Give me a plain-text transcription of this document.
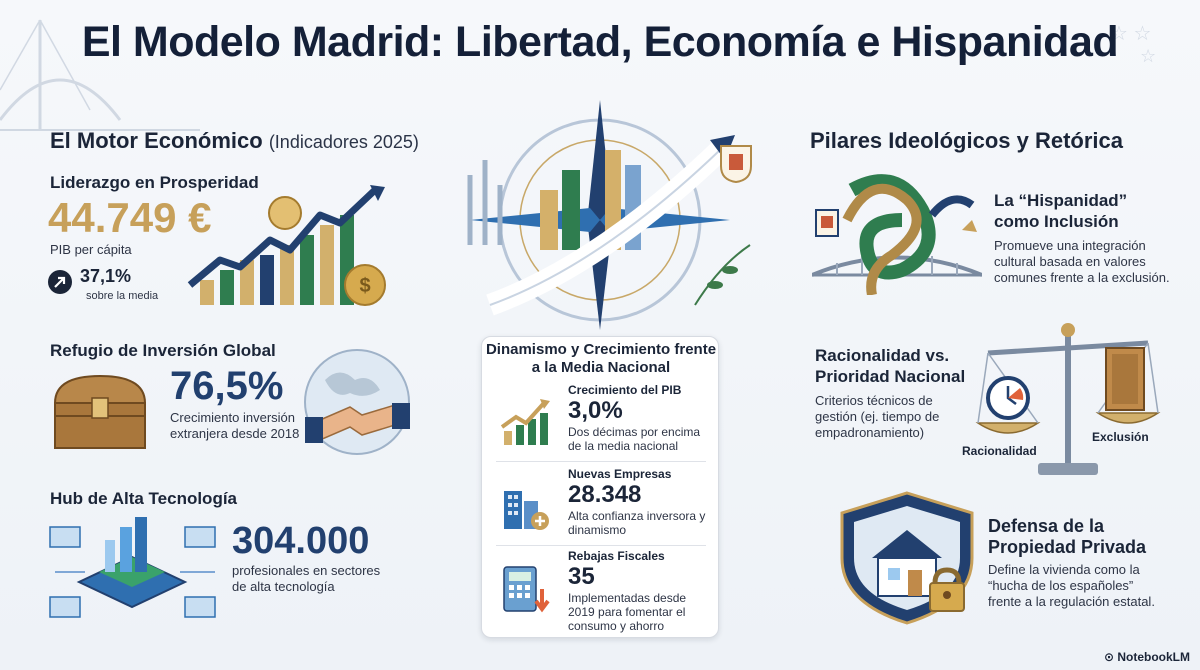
☆ ☆
☆
El Modelo Madrid: Libertad, Economía e Hispanidad
El Motor Económico (Indicadores 2025)
Liderazgo en Prosperidad
44.749 €
PIB per cápita
37,1%
sobre la media	$
Refugio de Inversión Global
76,5%
Crecimiento inversión extranjera desde 2018
Hub de Alta Tecnología
304.000
profesionales en sectores de alta tecnología
Dinamismo y Crecimiento frente a la Media Nacional
Crecimiento del PIB
3,0%
Dos décimas por encima de la media nacional
Nuevas Empresas
28.348
Alta confianza inversora y dinamismo
Rebajas Fiscales
35
Implementadas desde 2019 para fomentar el consumo y ahorro
Pilares Ideológicos y Retórica
La “Hispanidad” como Inclusión
Promueve una integración cultural basada en valores comunes frente a la exclusión.
Racionalidad vs. Prioridad Nacional
Criterios técnicos de gestión (ej. tiempo de empadronamiento)
Racionalidad
Exclusión
Defensa de la Propiedad Privada
Define la vivienda como la “hucha de los españoles” frente a la regulación estatal.
⊙ NotebookLM
